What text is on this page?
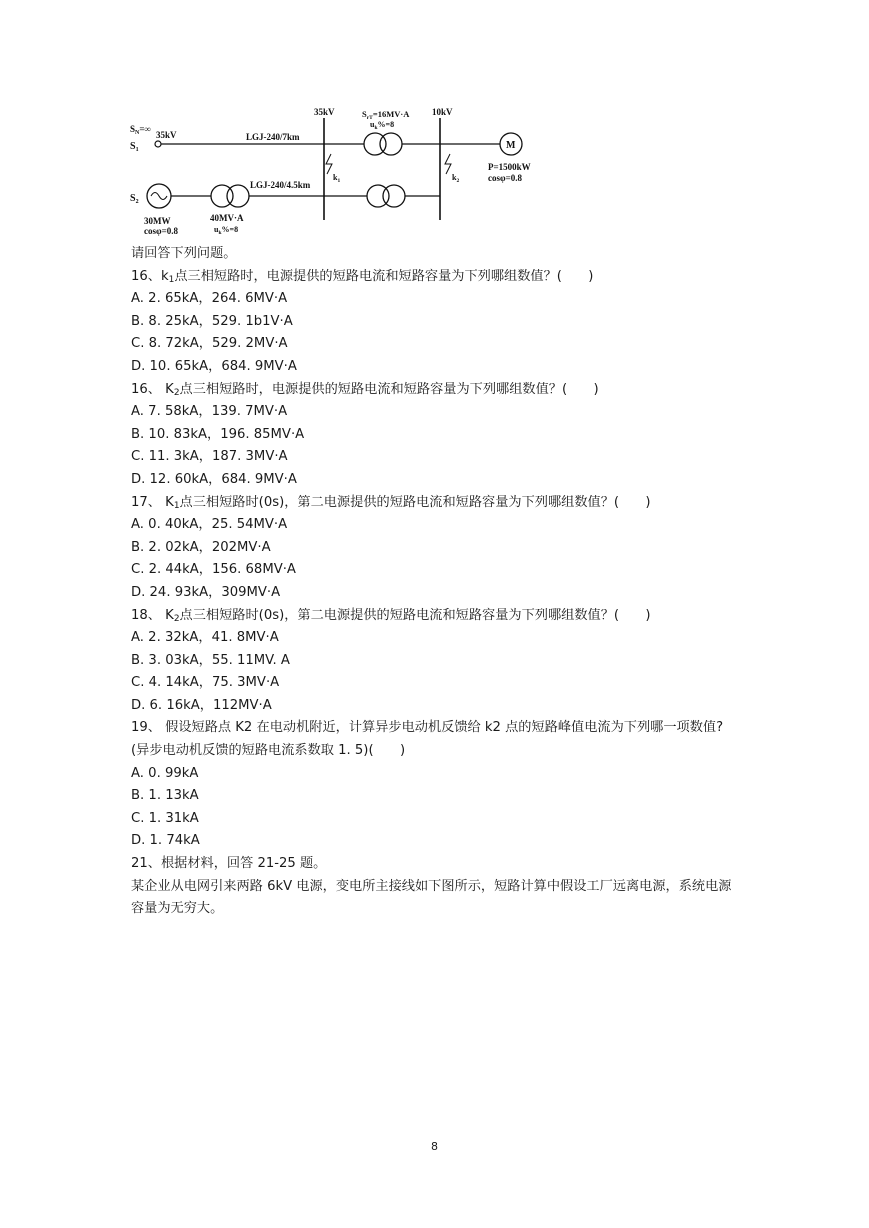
$S_N=\infty$
35kV
$S_1$
LGJ-240/7km
35kV	$S_{rT}=16MV\cdot A$
$u_k\%=8$
10kV
$k_1$	$k_2$
M
P=1500kW
cosφ=0.8
$S_2$
LGJ-240/4.5km
30MW
cosφ=0.8
40MV·A
$u_k\%=8$
请回答下列问题。
16、$k_1$点三相短路时，电源提供的短路电流和短路容量为下列哪组数值？(　　)
A. 2. 65kA，264. 6MV·A
B. 8. 25kA，529. 1b1V·A
C. 8. 72kA，529. 2MV·A
D. 10. 65kA，684. 9MV·A
16、 $K_2$点三相短路时，电源提供的短路电流和短路容量为下列哪组数值？(　　)
A. 7. 58kA，139. 7MV·A
B. 10. 83kA，196. 85MV·A
C. 11. 3kA，187. 3MV·A
D. 12. 60kA，684. 9MV·A
17、 $K_1$点三相短路时(0s)，第二电源提供的短路电流和短路容量为下列哪组数值？(　　)
A. 0. 40kA，25. 54MV·A
B. 2. 02kA，202MV·A
C. 2. 44kA，156. 68MV·A
D. 24. 93kA，309MV·A
18、 $K_2$点三相短路时(0s)，第二电源提供的短路电流和短路容量为下列哪组数值？(　　)
A. 2. 32kA，41. 8MV·A
B. 3. 03kA，55. 11MV. A
C. 4. 14kA，75. 3MV·A
D. 6. 16kA，112MV·A
19、 假设短路点 K2 在电动机附近，计算异步电动机反馈给 k2 点的短路峰值电流为下列哪一项数值?(异步电动机反馈的短路电流系数取 1. 5)(　　)
A. 0. 99kA
B. 1. 13kA
C. 1. 31kA
D. 1. 74kA
21、根据材料，回答 21-25 题。
某企业从电网引来两路 6kV 电源，变电所主接线如下图所示，短路计算中假设工厂远离电源，系统电源容量为无穷大。
8
